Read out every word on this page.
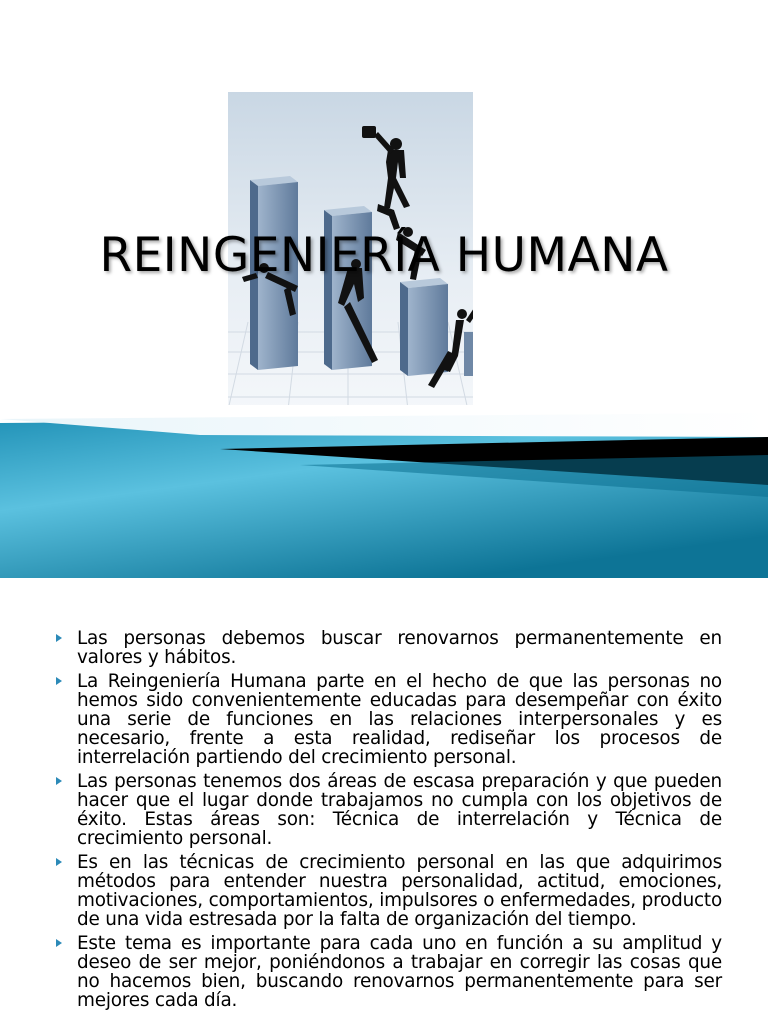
REINGENIERÍA HUMANA
Las personas debemos buscar renovarnos permanentemente en valores y hábitos.
La Reingeniería Humana parte en el hecho de que las personas no hemos sido convenientemente educadas para desempeñar con éxito una serie de funciones en las relaciones interpersonales y es necesario, frente a esta realidad, rediseñar los procesos de interrelación partiendo del crecimiento personal.
Las personas tenemos dos áreas de escasa preparación y que pueden hacer que el lugar donde trabajamos no cumpla con los objetivos de éxito. Estas áreas son: Técnica de interrelación y Técnica de crecimiento personal.
Es en las técnicas de crecimiento personal en las que adquirimos métodos para entender nuestra personalidad, actitud, emociones, motivaciones, comportamientos, impulsores o enfermedades, producto de una vida estresada por la falta de organización del tiempo.
Este tema es importante para cada uno en función a su amplitud y deseo de ser mejor, poniéndonos a trabajar en corregir las cosas que no hacemos bien, buscando renovarnos permanentemente para ser mejores cada día.
